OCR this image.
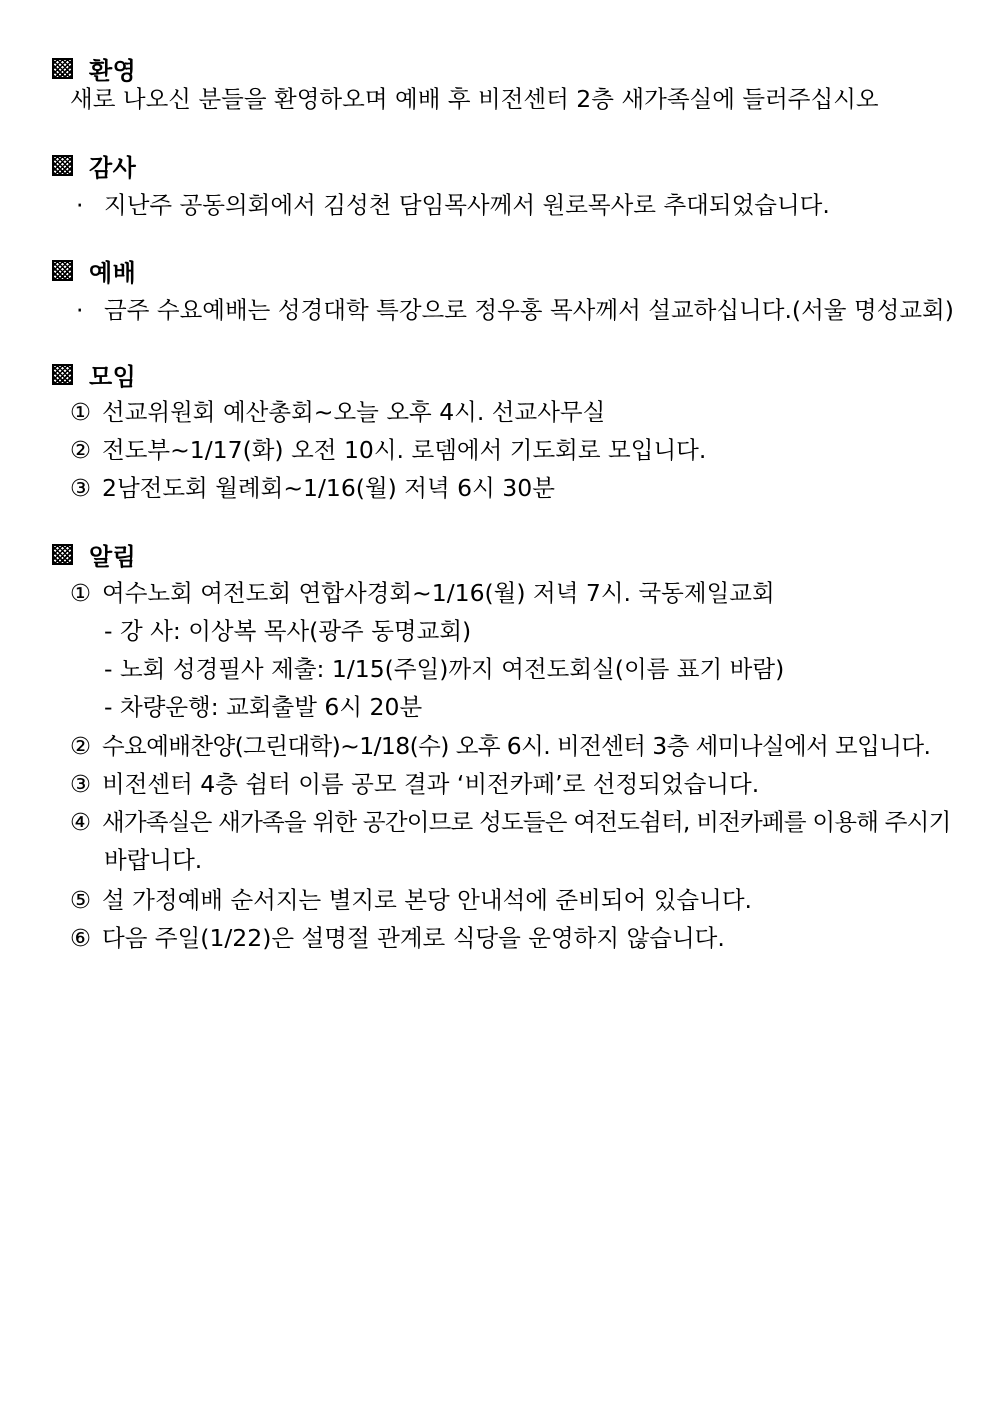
환영
새로 나오신 분들을 환영하오며 예배 후 비전센터 2층 새가족실에 들러주십시오
감사
· 지난주 공동의회에서 김성천 담임목사께서 원로목사로 추대되었습니다.
예배
· 금주 수요예배는 성경대학 특강으로 정우홍 목사께서 설교하십니다.(서울 명성교회)
모임
① 선교위원회 예산총회~오늘 오후 4시. 선교사무실
② 전도부~1/17(화) 오전 10시. 로뎀에서 기도회로 모입니다.
③ 2남전도회 월례회~1/16(월) 저녁 6시 30분
알림
① 여수노회 여전도회 연합사경회~1/16(월) 저녁 7시. 국동제일교회
- 강 사: 이상복 목사(광주 동명교회)
- 노회 성경필사 제출: 1/15(주일)까지 여전도회실(이름 표기 바람)
- 차량운행: 교회출발 6시 20분
② 수요예배찬양(그린대학)~1/18(수) 오후 6시. 비전센터 3층 세미나실에서 모입니다.
③ 비전센터 4층 쉼터 이름 공모 결과 ‘비전카페’로 선정되었습니다.
④ 새가족실은 새가족을 위한 공간이므로 성도들은 여전도쉼터, 비전카페를 이용해 주시기
바랍니다.
⑤ 설 가정예배 순서지는 별지로 본당 안내석에 준비되어 있습니다.
⑥ 다음 주일(1/22)은 설명절 관계로 식당을 운영하지 않습니다.
